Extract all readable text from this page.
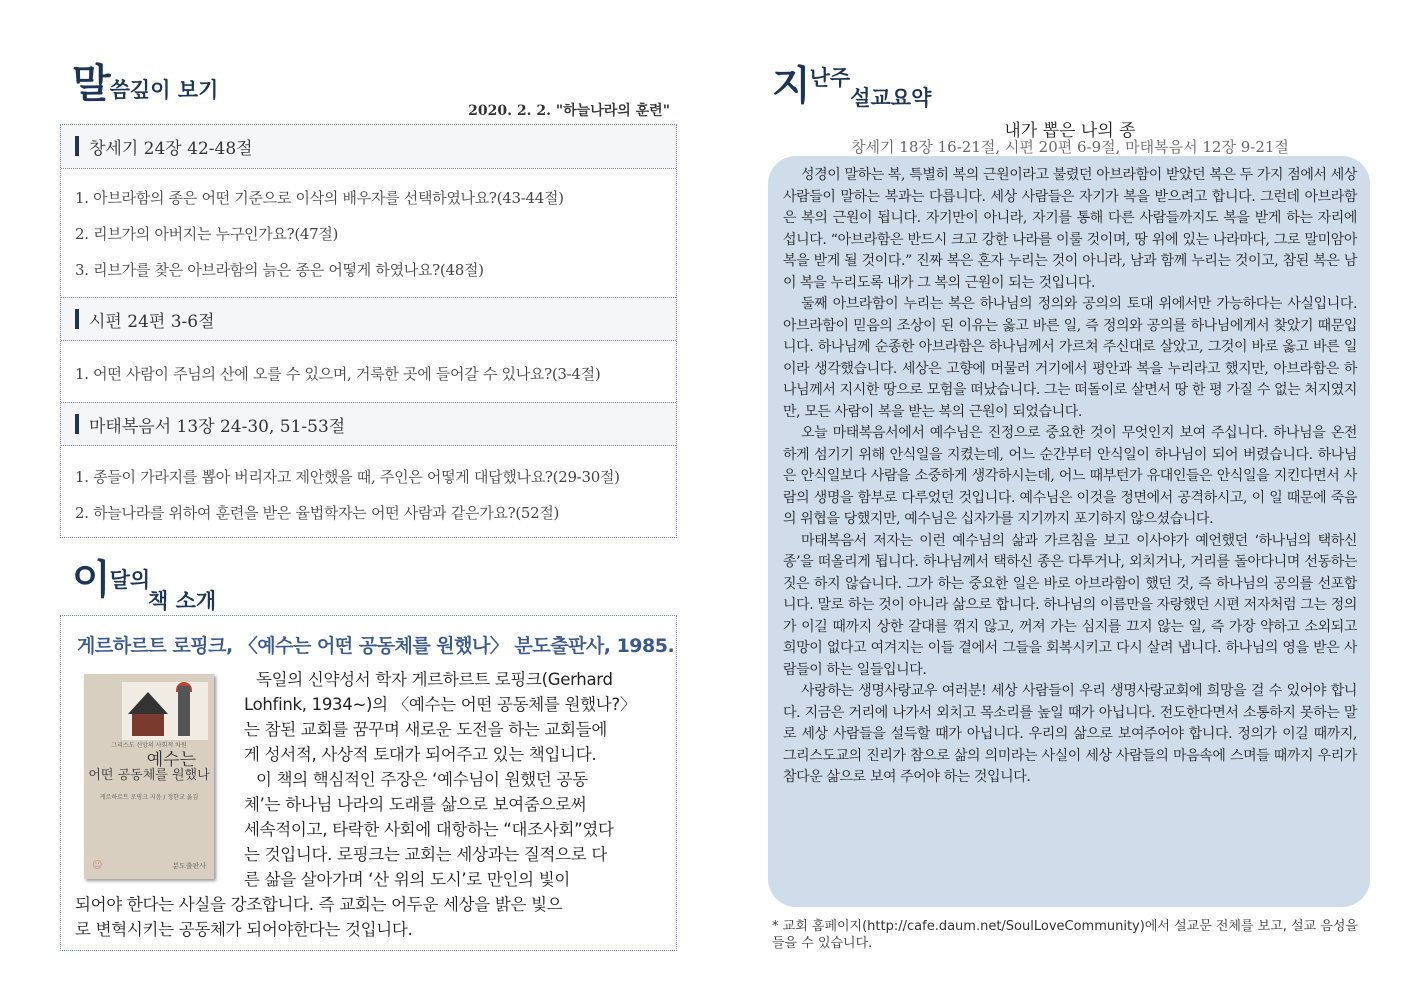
말씀깊이 보기
2020. 2. 2. "하늘나라의 훈련"
창세기 24장 42-48절
1. 아브라함의 종은 어떤 기준으로 이삭의 배우자를 선택하였나요?(43-44절)
2. 리브가의 아버지는 누구인가요?(47절)
3. 리브가를 찾은 아브라함의 늙은 종은 어떻게 하였나요?(48절)
시편 24편 3-6절
1. 어떤 사람이 주님의 산에 오를 수 있으며, 거룩한 곳에 들어갈 수 있나요?(3-4절)
마태복음서 13장 24-30, 51-53절
1. 종들이 가라지를 뽑아 버리자고 제안했을 때, 주인은 어떻게 대답했나요?(29-30절)
2. 하늘나라를 위하여 훈련을 받은 율법학자는 어떤 사람과 같은가요?(52절)
이달의
책 소개
게르하르트 로핑크, 〈예수는 어떤 공동체를 원했나〉 분도출판사, 1985.
그리스도 신앙의 사회적 차원
예수는
어떤 공동체를 원했나
게르하르트 로핑크 지음 / 정한교 옮김
☺	분도출판사
독일의 신약성서 학자 게르하르트 로핑크(Gerhard
Lohfink, 1934~)의 〈예수는 어떤 공동체를 원했나?〉
는 참된 교회를 꿈꾸며 새로운 도전을 하는 교회들에
게 성서적, 사상적 토대가 되어주고 있는 책입니다.
이 책의 핵심적인 주장은 ‘예수님이 원했던 공동
체’는 하나님 나라의 도래를 삶으로 보여줌으로써
세속적이고, 타락한 사회에 대항하는 “대조사회”였다
는 것입니다. 로핑크는 교회는 세상과는 질적으로 다
른 삶을 살아가며 ‘산 위의 도시’로 만인의 빛이
되어야 한다는 사실을 강조합니다. 즉 교회는 어두운 세상을 밝은 빛으
로 변혁시키는 공동체가 되어야한다는 것입니다.
지난주설교요약
내가 뽑은 나의 종
창세기 18장 16-21절, 시편 20편 6-9절, 마태복음서 12장 9-21절

성경이 말하는 복, 특별히 복의 근원이라고 불렸던 아브라함이 받았던 복은 두 가지 점에서 세상 사람들이 말하는 복과는 다릅니다. 세상 사람들은 자기가 복을 받으려고 합니다. 그런데 아브라함은 복의 근원이 됩니다. 자기만이 아니라, 자기를 통해 다른 사람들까지도 복을 받게 하는 자리에 섭니다. “아브라함은 반드시 크고 강한 나라를 이룰 것이며, 땅 위에 있는 나라마다, 그로 말미암아 복을 받게 될 것이다.” 진짜 복은 혼자 누리는 것이 아니라, 남과 함께 누리는 것이고, 참된 복은 남이 복을 누리도록 내가 그 복의 근원이 되는 것입니다.

둘째 아브라함이 누리는 복은 하나님의 정의와 공의의 토대 위에서만 가능하다는 사실입니다. 아브라함이 믿음의 조상이 된 이유는 옳고 바른 일, 즉 정의와 공의를 하나님에게서 찾았기 때문입니다. 하나님께 순종한 아브라함은 하나님께서 가르쳐 주신대로 살았고, 그것이 바로 옳고 바른 일이라 생각했습니다. 세상은 고향에 머물러 거기에서 평안과 복을 누리라고 했지만, 아브라함은 하나님께서 지시한 땅으로 모험을 떠났습니다. 그는 떠돌이로 살면서 땅 한 평 가질 수 없는 처지였지만, 모든 사람이 복을 받는 복의 근원이 되었습니다.

오늘 마태복음서에서 예수님은 진정으로 중요한 것이 무엇인지 보여 주십니다. 하나님을 온전하게 섬기기 위해 안식일을 지켰는데, 어느 순간부터 안식일이 하나님이 되어 버렸습니다. 하나님은 안식일보다 사람을 소중하게 생각하시는데, 어느 때부턴가 유대인들은 안식일을 지킨다면서 사람의 생명을 함부로 다루었던 것입니다. 예수님은 이것을 정면에서 공격하시고, 이 일 때문에 죽음의 위협을 당했지만, 예수님은 십자가를 지기까지 포기하지 않으셨습니다.

마태복음서 저자는 이런 예수님의 삶과 가르침을 보고 이사야가 예언했던 ‘하나님의 택하신 종’을 떠올리게 됩니다. 하나님께서 택하신 종은 다투거나, 외치거나, 거리를 돌아다니며 선동하는 짓은 하지 않습니다. 그가 하는 중요한 일은 바로 아브라함이 했던 것, 즉 하나님의 공의를 선포합니다. 말로 하는 것이 아니라 삶으로 합니다. 하나님의 이름만을 자랑했던 시편 저자처럼 그는 정의가 이길 때까지 상한 갈대를 꺾지 않고, 꺼져 가는 심지를 끄지 않는 일, 즉 가장 약하고 소외되고 희망이 없다고 여겨지는 이들 곁에서 그들을 회복시키고 다시 살려 냅니다. 하나님의 영을 받은 사람들이 하는 일들입니다.

사랑하는 생명사랑교우 여러분! 세상 사람들이 우리 생명사랑교회에 희망을 걸 수 있어야 합니다. 지금은 거리에 나가서 외치고 목소리를 높일 때가 아닙니다. 전도한다면서 소통하지 못하는 말로 세상 사람들을 설득할 때가 아닙니다. 우리의 삶으로 보여주어야 합니다. 정의가 이길 때까지, 그리스도교의 진리가 참으로 삶의 의미라는 사실이 세상 사람들의 마음속에 스며들 때까지 우리가 참다운 삶으로 보여 주어야 하는 것입니다.

* 교회 홈페이지(http://cafe.daum.net/SoulLoveCommunity)에서 설교문 전체를 보고, 설교 음성을 들을 수 있습니다.
